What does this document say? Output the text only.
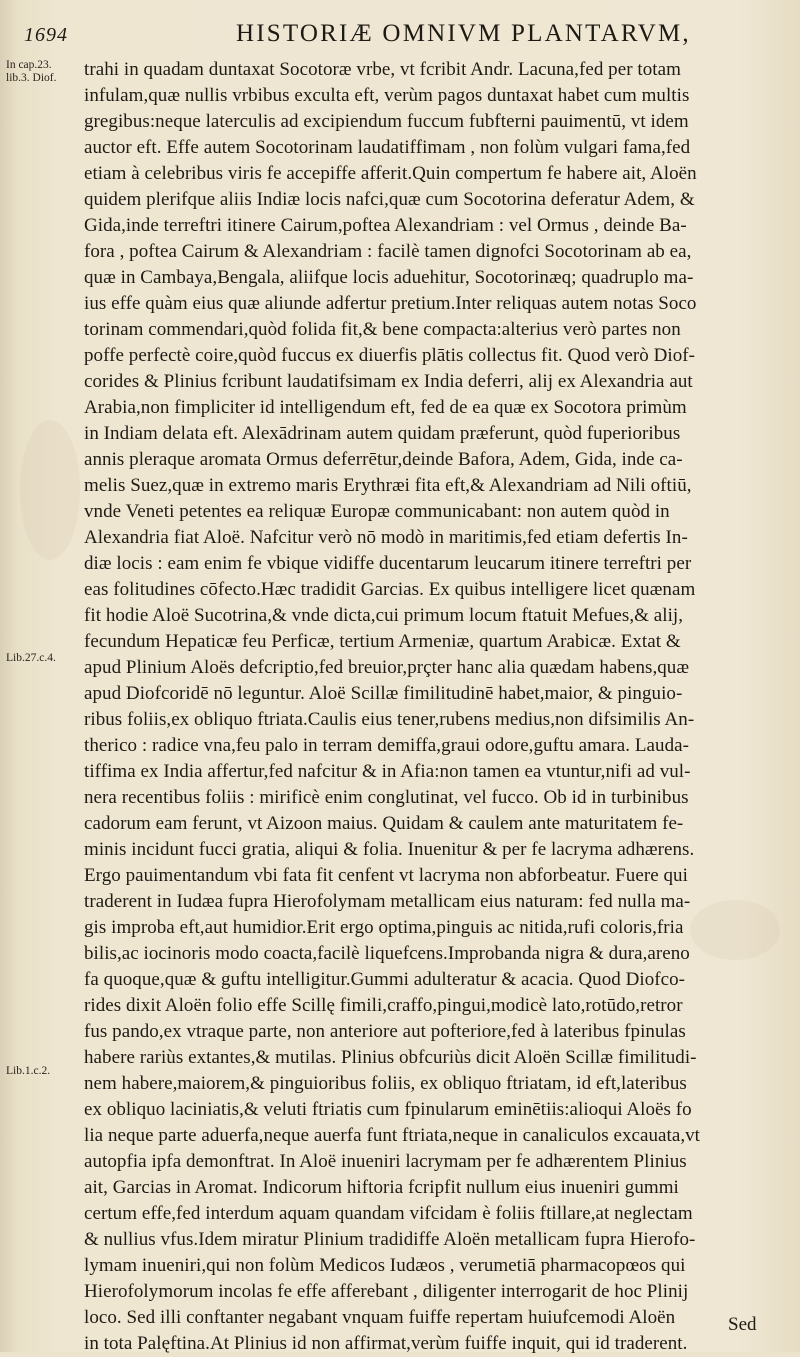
1694	HISTORIÆ OMNIVM PLANTARVM,
In cap.23.
lib.3. Diof.
Lib.27.c.4.
Lib.1.c.2.
trahi in quadam duntaxat Socotoræ vrbe, vt fcribit Andr. Lacuna,fed per totam
infulam,quæ nullis vrbibus exculta eft, verùm pagos duntaxat habet cum multis
gregibus:neque laterculis ad excipiendum fuccum fubfterni pauimentū, vt idem
auctor eft. Effe autem Socotorinam laudatiffimam , non folùm vulgari fama,fed
etiam à celebribus viris fe accepiffe afferit.Quin compertum fe habere ait, Aloën
quidem plerifque aliis Indiæ locis nafci,quæ cum Socotorina deferatur Adem, &
Gida,inde terreftri itinere Cairum,poftea Alexandriam : vel Ormus , deinde Ba-
fora , poftea Cairum & Alexandriam : facilè tamen dignofci Socotorinam ab ea,
quæ in Cambaya,Bengala, aliifque locis aduehitur, Socotorinæq; quadruplo ma-
ius effe quàm eius quæ aliunde adfertur pretium.Inter reliquas autem notas Soco
torinam commendari,quòd folida fit,& bene compacta:alterius verò partes non
poffe perfectè coire,quòd fuccus ex diuerfis plātis collectus fit. Quod verò Diof-
corides & Plinius fcribunt laudatifsimam ex India deferri, alij ex Alexandria aut
Arabia,non fimpliciter id intelligendum eft, fed de ea quæ ex Socotora primùm
in Indiam delata eft. Alexādrinam autem quidam præferunt, quòd fuperioribus
annis pleraque aromata Ormus deferrētur,deinde Bafora, Adem, Gida, inde ca-
melis Suez,quæ in extremo maris Erythræi fita eft,& Alexandriam ad Nili oftiū,
vnde Veneti petentes ea reliquæ Europæ communicabant: non autem quòd in
Alexandria fiat Aloë. Nafcitur verò nō modò in maritimis,fed etiam defertis In-
diæ locis : eam enim fe vbique vidiffe ducentarum leucarum itinere terreftri per
eas folitudines cōfecto.Hæc tradidit Garcias. Ex quibus intelligere licet quænam
fit hodie Aloë Sucotrina,& vnde dicta,cui primum locum ftatuit Mefues,& alij,
fecundum Hepaticæ feu Perficæ, tertium Armeniæ, quartum Arabicæ. Extat &
apud Plinium Aloës defcriptio,fed breuior,prçter hanc alia quædam habens,quæ
apud Diofcoridē nō leguntur. Aloë Scillæ fimilitudinē habet,maior, & pinguio-
ribus foliis,ex obliquo ftriata.Caulis eius tener,rubens medius,non difsimilis An-
therico : radice vna,feu palo in terram demiffa,graui odore,guftu amara. Lauda-
tiffima ex India affertur,fed nafcitur & in Afia:non tamen ea vtuntur,nifi ad vul-
nera recentibus foliis : mirificè enim conglutinat, vel fucco. Ob id in turbinibus
cadorum eam ferunt, vt Aizoon maius. Quidam & caulem ante maturitatem fe-
minis incidunt fucci gratia, aliqui & folia. Inuenitur & per fe lacryma adhærens.
Ergo pauimentandum vbi fata fit cenfent vt lacryma non abforbeatur. Fuere qui
traderent in Iudæa fupra Hierofolymam metallicam eius naturam: fed nulla ma-
gis improba eft,aut humidior.Erit ergo optima,pinguis ac nitida,rufi coloris,fria
bilis,ac iocinoris modo coacta,facilè liquefcens.Improbanda nigra & dura,areno
fa quoque,quæ & guftu intelligitur.Gummi adulteratur & acacia. Quod Diofco-
rides dixit Aloën folio effe Scillę fimili,craffo,pingui,modicè lato,rotūdo,retror
fus pando,ex vtraque parte, non anteriore aut pofteriore,fed à lateribus fpinulas
habere rariùs extantes,& mutilas. Plinius obfcuriùs dicit Aloën Scillæ fimilitudi-
nem habere,maiorem,& pinguioribus foliis, ex obliquo ftriatam, id eft,lateribus
ex obliquo laciniatis,& veluti ftriatis cum fpinularum eminētiis:alioqui Aloës fo
lia neque parte aduerfa,neque auerfa funt ftriata,neque in canaliculos excauata,vt
autopfia ipfa demonftrat. In Aloë inueniri lacrymam per fe adhærentem Plinius
ait, Garcias in Aromat. Indicorum hiftoria fcripfit nullum eius inueniri gummi
certum effe,fed interdum aquam quandam vifcidam è foliis ftillare,at neglectam
& nullius vfus.Idem miratur Plinium tradidiffe Aloën metallicam fupra Hierofo-
lymam inueniri,qui non folùm Medicos Iudæos , verumetiā pharmacopœos qui
Hierofolymorum incolas fe effe afferebant , diligenter interrogarit de hoc Plinij
loco. Sed illi conftanter negabant vnquam fuiffe repertam huiufcemodi Aloën
in tota Palęftina.At Plinius id non affirmat,verùm fuiffe inquit, qui id traderent.
Sed
